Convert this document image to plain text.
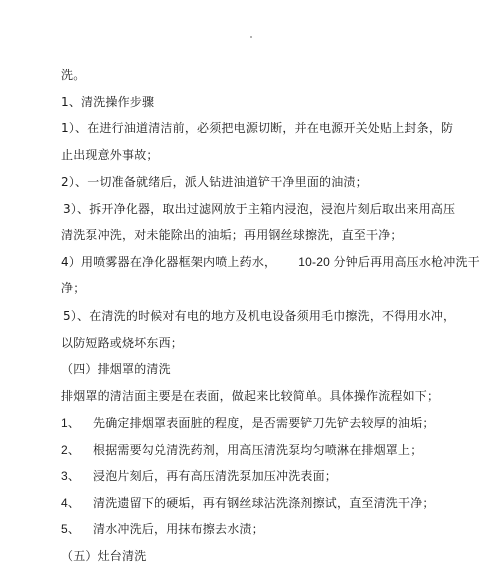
洗。
1、清洗操作步骤
1）、在进行油道清洁前，必须把电源切断，并在电源开关处贴上封条，防
止出现意外事故；
2）、一切准备就绪后，派人钻进油道铲干净里面的油渍；
3）、拆开净化器，取出过滤网放于主箱内浸泡，浸泡片刻后取出来用高压
清洗泵冲洗，对未能除出的油垢；再用钢丝球擦洗，直至干净；
4）用喷雾器在净化器框架内喷上药水， 10-20 分钟后再用高压水枪冲洗干
净；
5）、在清洗的时候对有电的地方及机电设备须用毛巾擦洗，不得用水冲，
以防短路或烧坏东西；
（四）排烟罩的清洗
排烟罩的清洁面主要是在表面，做起来比较简单。具体操作流程如下；
1、 先确定排烟罩表面脏的程度，是否需要铲刀先铲去较厚的油垢；
2、 根据需要勾兑清洗药剂，用高压清洗泵均匀喷淋在排烟罩上；
3、 浸泡片刻后，再有高压清洗泵加压冲洗表面；
4、 清洗遗留下的硬垢，再有钢丝球沾洗涤剂擦试，直至清洗干净；
5、 清水冲洗后，用抹布擦去水渍；
（五）灶台清洗
